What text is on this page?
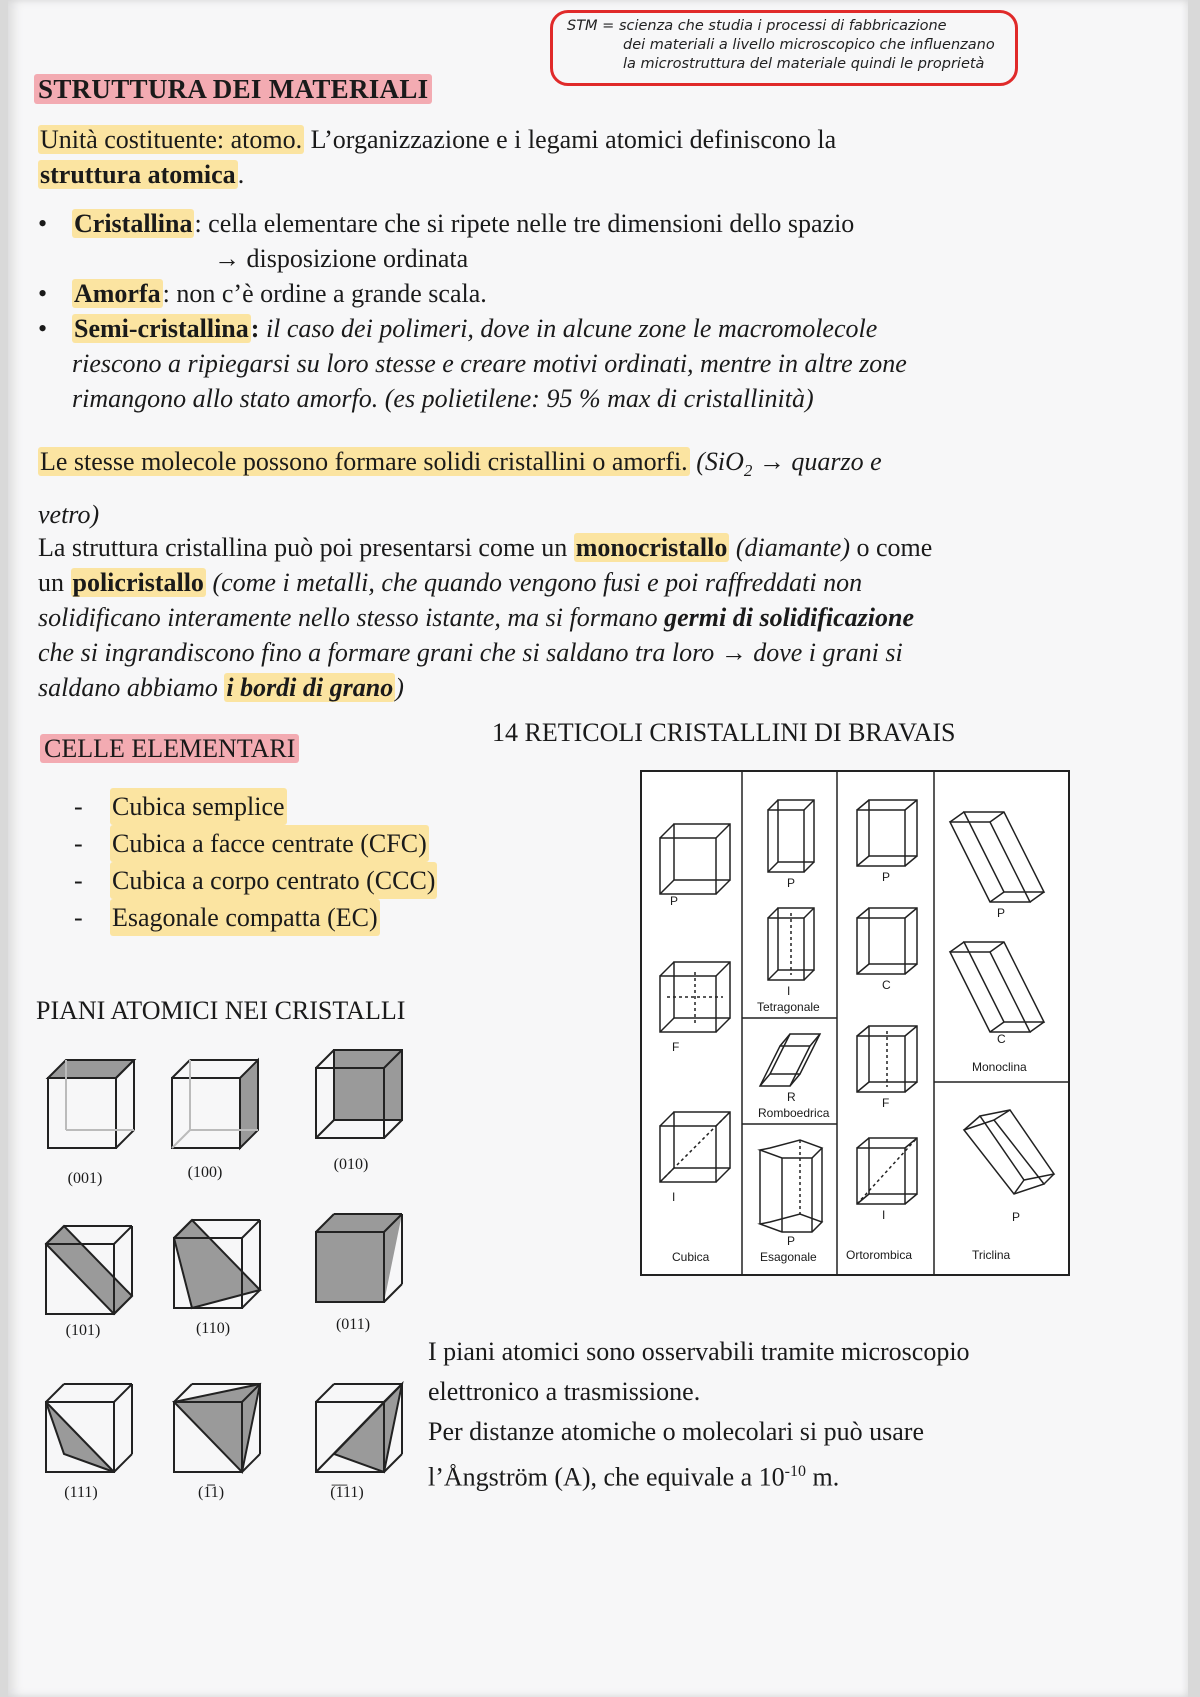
STM = scienza che studia i processi di fabbricazione
dei materiali a livello microscopico che influenzano
la microstruttura del materiale quindi le proprietà
STRUTTURA DEI MATERIALI
Unità costituente: atomo. L’organizzazione e i legami atomici definiscono la
struttura atomica.
•	Cristallina: cella elementare che si ripete nelle tre dimensioni dello spazio
→ disposizione ordinata
•	Amorfa: non c’è ordine a grande scala.
•	Semi-cristallina: il caso dei polimeri, dove in alcune zone le macromolecole
riescono a ripiegarsi su loro stesse e creare motivi ordinati, mentre in altre zone
rimangono allo stato amorfo. (es polietilene: 95 % max di cristallinità)
Le stesse molecole possono formare solidi cristallini o amorfi. (SiO$_2$ → quarzo e
vetro)
La struttura cristallina può poi presentarsi come un monocristallo (diamante) o come
un policristallo (come i metalli, che quando vengono fusi e poi raffreddati non
solidificano interamente nello stesso istante, ma si formano germi di solidificazione
che si ingrandiscono fino a formare grani che si saldano tra loro → dove i grani si
saldano abbiamo i bordi di grano)
CELLE ELEMENTARI
-	Cubica semplice
-	Cubica a facce centrate (CFC)
-	Cubica a corpo centrato (CCC)
-	Esagonale compatta (EC)
14 RETICOLI CRISTALLINI DI BRAVAIS
P
F
I
P
I
Tetragonale
R
Romboedrica
P
P
C
F
I
P
C
Monoclina
P
Cubica	Esagonale Ortorombica	Triclina
PIANI ATOMICI NEI CRISTALLI
(001)	(100)	(010)
(101)	(110)	(011)
(111)	(1̅̅1)	(̅1̅11)
I piani atomici sono osservabili tramite microscopio
elettronico a trasmissione.
Per distanze atomiche o molecolari si può usare
l’Ångström (A), che equivale a $10^{-10}$ m.
